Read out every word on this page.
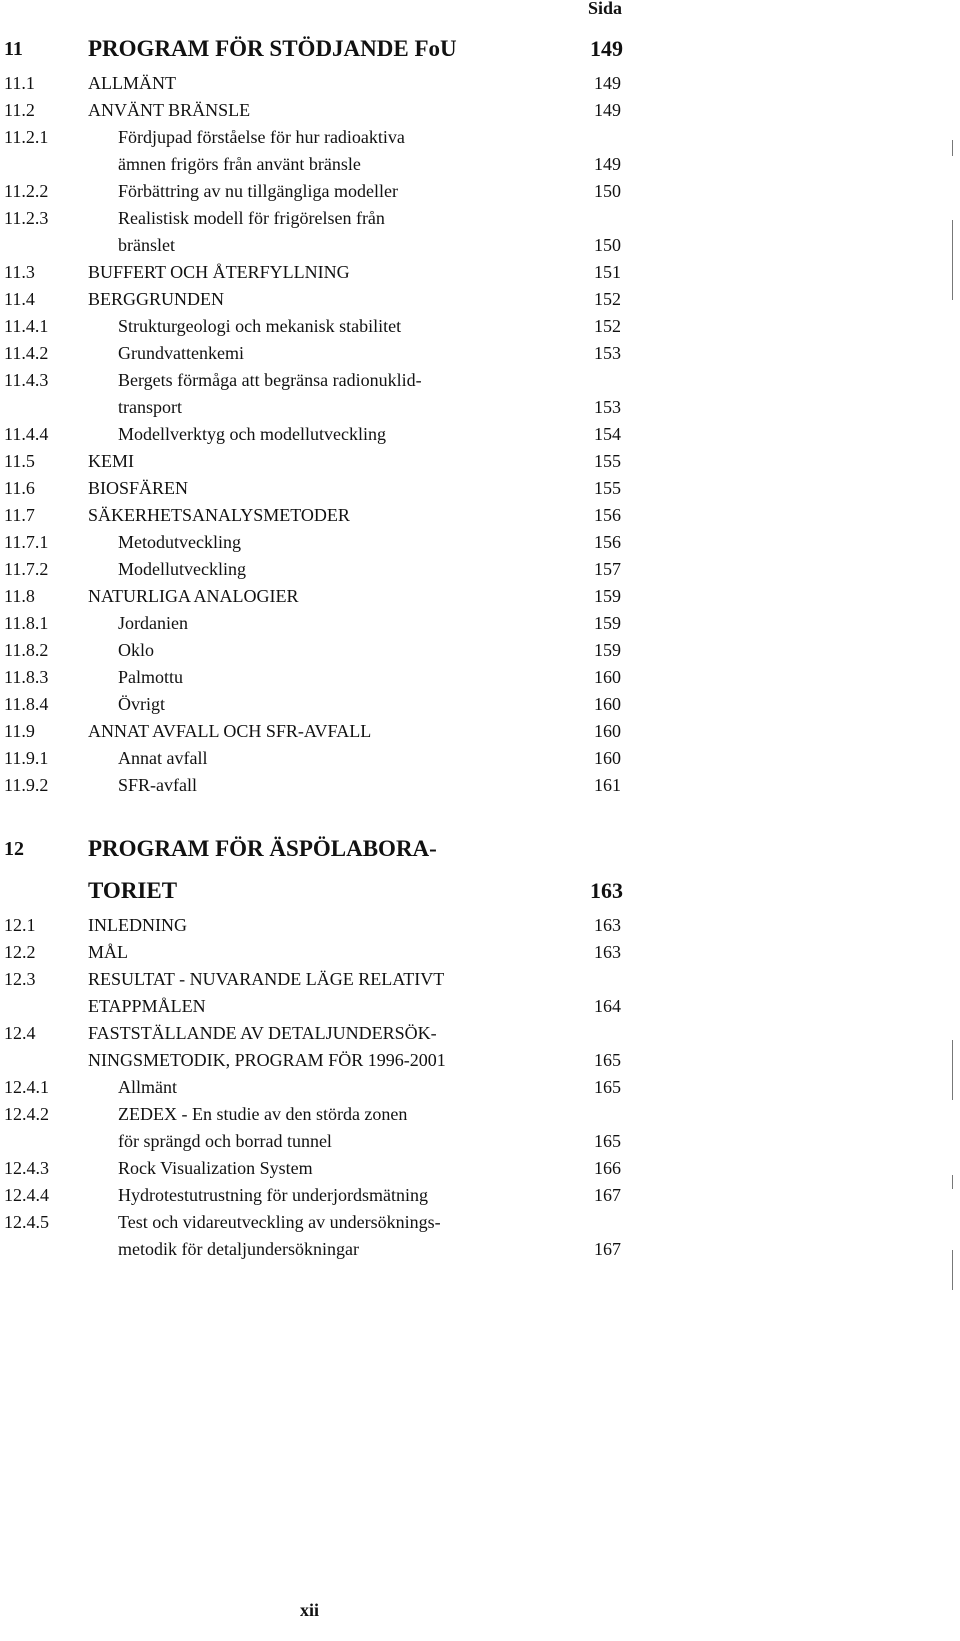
Sida
11	PROGRAM FÖR STÖDJANDE FoU	149
11.1	ALLMÄNT	149
11.2	ANVÄNT BRÄNSLE	149
11.2.1	Fördjupad förståelse för hur radioaktiva
ämnen frigörs från använt bränsle	149
11.2.2	Förbättring av nu tillgängliga modeller	150
11.2.3	Realistisk modell för frigörelsen från
bränslet	150
11.3	BUFFERT OCH ÅTERFYLLNING	151
11.4	BERGGRUNDEN	152
11.4.1	Strukturgeologi och mekanisk stabilitet	152
11.4.2	Grundvattenkemi	153
11.4.3	Bergets förmåga att begränsa radionuklid-
transport	153
11.4.4	Modellverktyg och modellutveckling	154
11.5	KEMI	155
11.6	BIOSFÄREN	155
11.7	SÄKERHETSANALYSMETODER	156
11.7.1	Metodutveckling	156
11.7.2	Modellutveckling	157
11.8	NATURLIGA ANALOGIER	159
11.8.1	Jordanien	159
11.8.2	Oklo	159
11.8.3	Palmottu	160
11.8.4	Övrigt	160
11.9	ANNAT AVFALL OCH SFR-AVFALL	160
11.9.1	Annat avfall	160
11.9.2	SFR-avfall	161
12	PROGRAM FÖR ÄSPÖLABORA-
TORIET	163
12.1	INLEDNING	163
12.2	MÅL	163
12.3	RESULTAT - NUVARANDE LÄGE RELATIVT
ETAPPMÅLEN	164
12.4	FASTSTÄLLANDE AV DETALJUNDERSÖK-
NINGSMETODIK, PROGRAM FÖR 1996-2001	165
12.4.1	Allmänt	165
12.4.2	ZEDEX - En studie av den störda zonen
för sprängd och borrad tunnel	165
12.4.3	Rock Visualization System	166
12.4.4	Hydrotestutrustning för underjordsmätning	167
12.4.5	Test och vidareutveckling av undersöknings-
metodik för detaljundersökningar	167
xii
